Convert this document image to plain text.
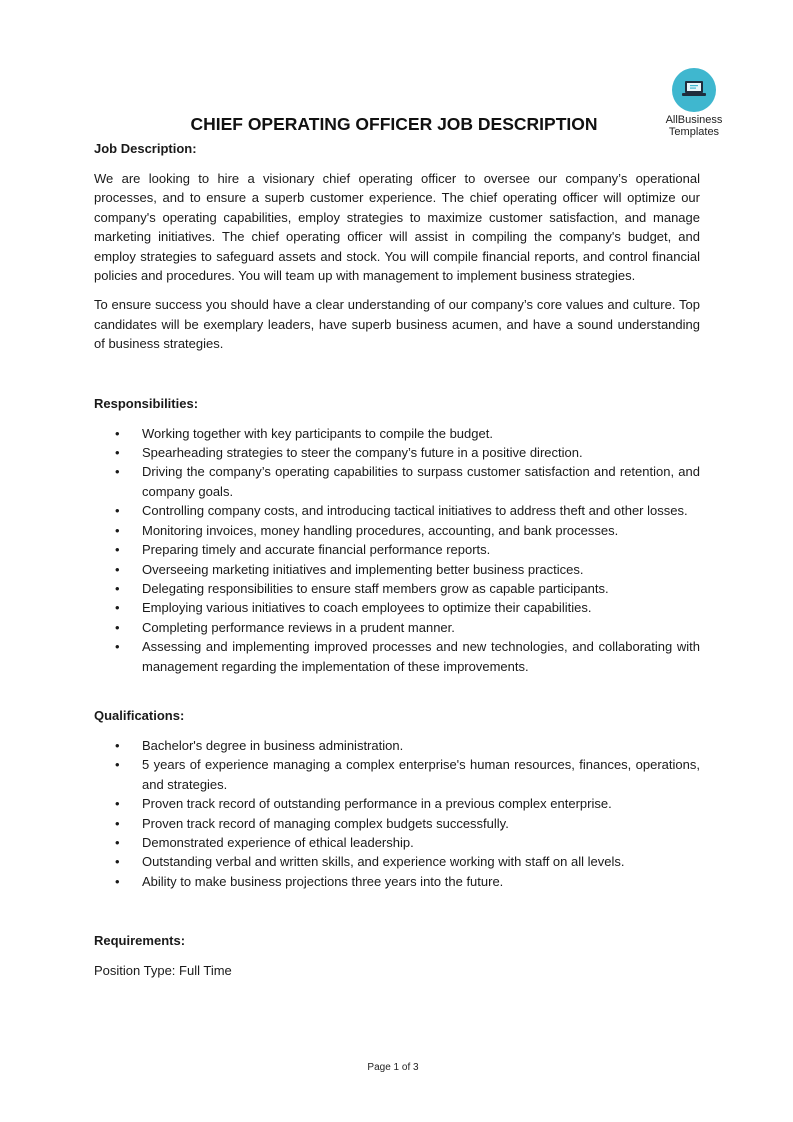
AllBusiness
Templates
CHIEF OPERATING OFFICER JOB DESCRIPTION
Job Description:

We are looking to hire a visionary chief operating officer to oversee our company’s operational processes, and to ensure a superb customer experience. The chief operating officer will optimize our company's operating capabilities, employ strategies to maximize customer satisfaction, and manage marketing initiatives. The chief operating officer will assist in compiling the company's budget, and employ strategies to safeguard assets and stock. You will compile financial reports, and control financial policies and procedures. You will team up with management to implement business strategies.

To ensure success you should have a clear understanding of our company’s core values and culture. Top candidates will be exemplary leaders, have superb business acumen, and have a sound understanding of business strategies.

Responsibilities:
• Working together with key participants to compile the budget.
• Spearheading strategies to steer the company’s future in a positive direction.
• Driving the company’s operating capabilities to surpass customer satisfaction and retention, and company goals.
• Controlling company costs, and introducing tactical initiatives to address theft and other losses.
• Monitoring invoices, money handling procedures, accounting, and bank processes.
• Preparing timely and accurate financial performance reports.
• Overseeing marketing initiatives and implementing better business practices.
• Delegating responsibilities to ensure staff members grow as capable participants.
• Employing various initiatives to coach employees to optimize their capabilities.
• Completing performance reviews in a prudent manner.
• Assessing and implementing improved processes and new technologies, and collaborating with management regarding the implementation of these improvements.
Qualifications:
• Bachelor's degree in business administration.
• 5 years of experience managing a complex enterprise's human resources, finances, operations, and strategies.
• Proven track record of outstanding performance in a previous complex enterprise.
• Proven track record of managing complex budgets successfully.
• Demonstrated experience of ethical leadership.
• Outstanding verbal and written skills, and experience working with staff on all levels.
• Ability to make business projections three years into the future.
Requirements:

Position Type: Full Time

Page 1 of 3
